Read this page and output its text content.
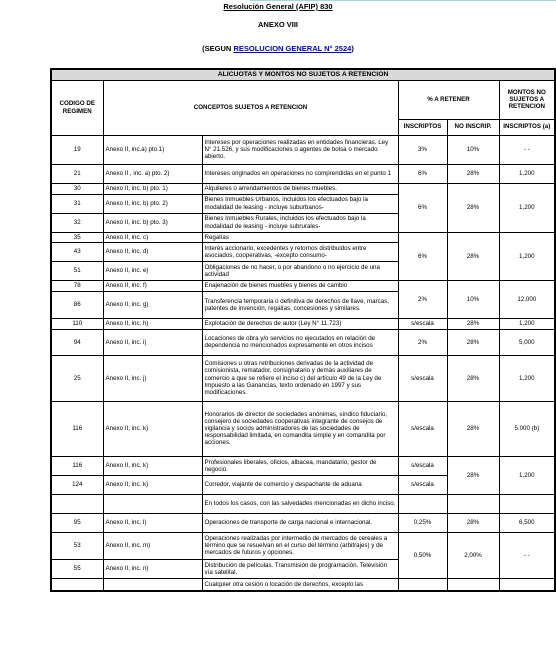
Resolución General (AFIP) 830
ANEXO VIII
(SEGUN RESOLUCION GENERAL N° 2524)
ALICUOTAS Y MONTOS NO SUJETOS A RETENCION					
CODIGO DE REGIMEN	CONCEPTOS SUJETOS A RETENCION		% A RETENER		MONTOS NO SUJETOS A RETENCION
			INSCRIPTOS	NO INSCRIP.	INSCRIPTOS (a)
19	Anexo II, inc.a) pto.1)	Intereses por operaciones realizadas en entidades financieras. Ley N° 21.526, y sus modificaciones o agentes de bolsa o mercado abierto.	3%	10%	- -
21	Anexo II , inc. a) pto. 2)	Intereses originados en operaciones no comprendidas en el punto 1	6%	28%	1,200
30	Anexo II, inc. b) pto. 1)	Alquileres o arrendamientos de bienes muebles.	6%	28%	1,200
31	Anexo II, inc. b) pto. 2)	Bienes Inmuebles Urbanos, incluidos los efectuados bajo la modalidad de leasing - incluye suburbanos-			
32	Anexo II, inc. b) pto. 3)	Bienes Inmuebles Rurales, incluidos los efectuados bajo la modalidad de leasing - incluye subrurales-			
35	Anexo II, inc. c)	Regalías	6%	28%	1,200
43	Anexo II, inc. d)	Interés accionario, excedentes y retornos distribuidos entre asociados, cooperativas, -excepto consumo-			
51	Anexo II, inc. e)	Obligaciones de no hacer, o por abandono o no ejercicio de una actividad			
78	Anexo II, inc. f)	Enajenación de bienes muebles y bienes de cambio	2%	10%	12,000
86	Anexo II, inc. g)	Transferencia temporaria o definitiva de derechos de llave, marcas, patentes de invención, regalías, concesiones y similares.			
110	Anexo II, inc. h)	Explotación de derechos de autor (Ley N° 11.723)	s/escala	28%	1,200
94	Anexo II, inc. i)	Locaciones de obra y/o servicios no ejecutados en relación de dependencia no mencionados expresamente en otros incisos	2%	28%	5,000
25	Anexo II, inc. j)	Comisiones u otras retribuciones derivadas de la actividad de comisionista, rematador, consignatario y demás auxiliares de comercio a que se refiere el inciso c) del artículo 49 de la Ley de Impuesto a las Ganancias, texto ordenado en 1997 y sus modificaciones.	s/escala	28%	1,200
116	Anexo II, inc. k)	Honorarios de director de sociedades anónimas, síndico fiduciario, consejero de sociedades cooperativas integrante de consejos de vigilancia y socios administradores de las sociedades de responsabilidad limitada, en comandita simple y en comandita por acciones.	s/escala	28%	5.000 (b)
116	Anexo II, inc. k)	Profesionales liberales, oficios, albacea, mandatario, gestor de negocio.	s/escala	28%	1,200
124	Anexo II, inc. k)	Corredor, viajante de comercio y despachante de aduana	s/escala		
		En todos los casos, con las salvedades mencionadas en dicho inciso.			
95	Anexo II, inc. l)	Operaciones de transporte de carga nacional e internacional.	0,25%	28%	6,500
53	Anexo II, inc. m)	Operaciones realizadas por intermedio de mercados de cereales a término que se resuelvan en el curso del término (arbitrajes) y de mercados de futuros y opciones.	0,50%	2,00%	- -
55	Anexo II, inc. n)	Distribución de películas. Transmisión de programación. Televisión vía satelital.			
		Cualquier otra cesión o locación de derechos, excepto las			
